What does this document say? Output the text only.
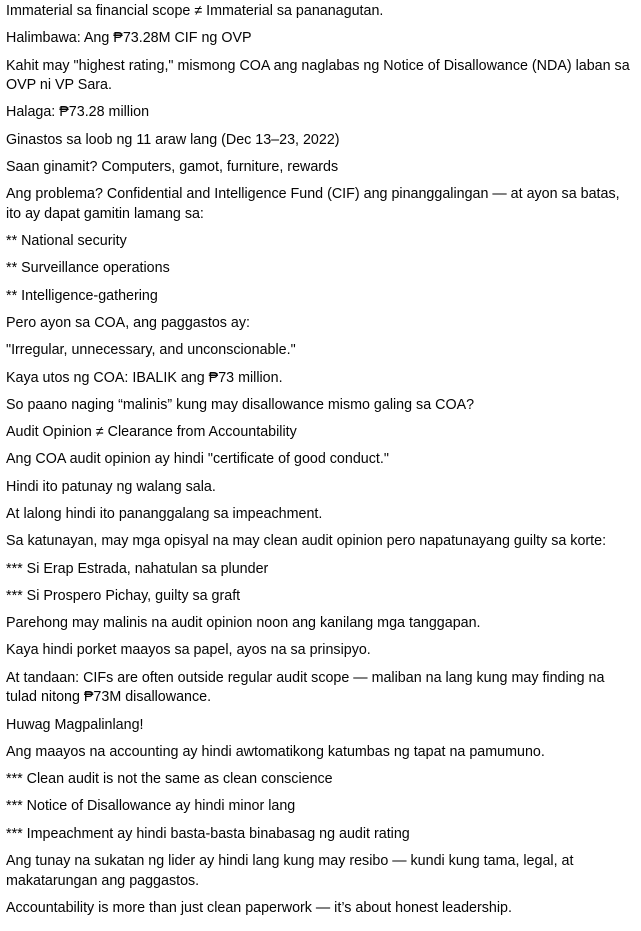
Immaterial sa financial scope ≠ Immaterial sa pananagutan.

Halimbawa: Ang ₱73.28M CIF ng OVP

Kahit may "highest rating," mismong COA ang naglabas ng Notice of Disallowance (NDA) laban sa OVP ni VP Sara.

Halaga: ₱73.28 million

Ginastos sa loob ng 11 araw lang (Dec 13–23, 2022)

Saan ginamit? Computers, gamot, furniture, rewards

Ang problema? Confidential and Intelligence Fund (CIF) ang pinanggalingan — at ayon sa batas, ito ay dapat gamitin lamang sa:

** National security

** Surveillance operations

** Intelligence-gathering

Pero ayon sa COA, ang paggastos ay:

"Irregular, unnecessary, and unconscionable."

Kaya utos ng COA: IBALIK ang ₱73 million.

So paano naging “malinis” kung may disallowance mismo galing sa COA?

Audit Opinion ≠ Clearance from Accountability

Ang COA audit opinion ay hindi "certificate of good conduct."

Hindi ito patunay ng walang sala.

At lalong hindi ito pananggalang sa impeachment.

Sa katunayan, may mga opisyal na may clean audit opinion pero napatunayang guilty sa korte:

*** Si Erap Estrada, nahatulan sa plunder

*** Si Prospero Pichay, guilty sa graft

Parehong may malinis na audit opinion noon ang kanilang mga tanggapan.

Kaya hindi porket maayos sa papel, ayos na sa prinsipyo.

At tandaan: CIFs are often outside regular audit scope — maliban na lang kung may finding na tulad nitong ₱73M disallowance.

Huwag Magpalinlang!

Ang maayos na accounting ay hindi awtomatikong katumbas ng tapat na pamumuno.

*** Clean audit is not the same as clean conscience

*** Notice of Disallowance ay hindi minor lang

*** Impeachment ay hindi basta-basta binabasag ng audit rating

Ang tunay na sukatan ng lider ay hindi lang kung may resibo — kundi kung tama, legal, at makatarungan ang paggastos.

Accountability is more than just clean paperwork — it’s about honest leadership.
